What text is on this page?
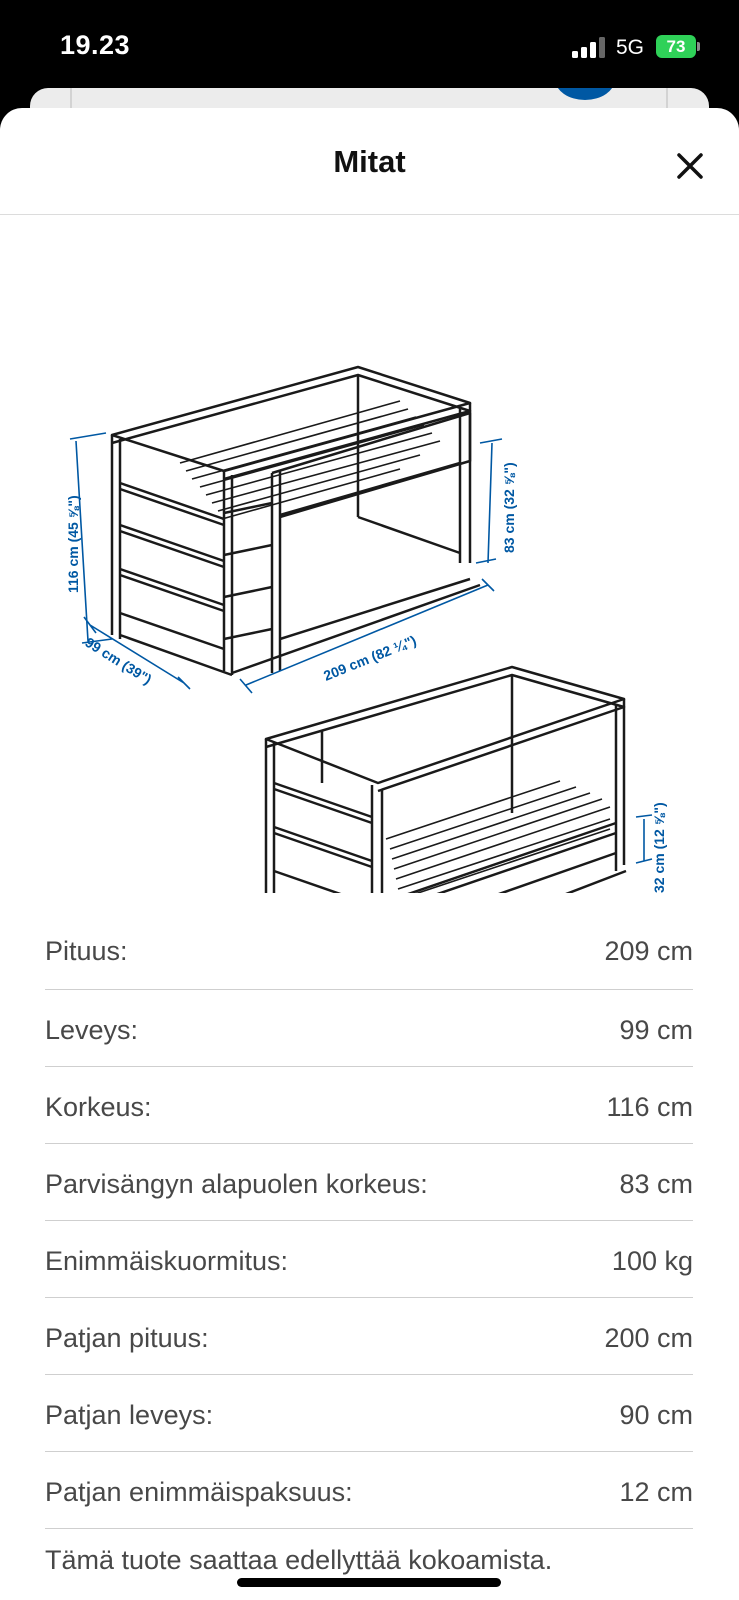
19.23	5G	73
Mitat
116 cm (45 ⅝")	83 cm (32 ⅝")
99 cm (39")	209 cm (82 ¼")
32 cm (12 ⅝")
Pituus:	209 cm
Leveys:	99 cm
Korkeus:	116 cm
Parvisängyn alapuolen korkeus:	83 cm
Enimmäiskuormitus:	100 kg
Patjan pituus:	200 cm
Patjan leveys:	90 cm
Patjan enimmäispaksuus:	12 cm
Tämä tuote saattaa edellyttää kokoamista.
